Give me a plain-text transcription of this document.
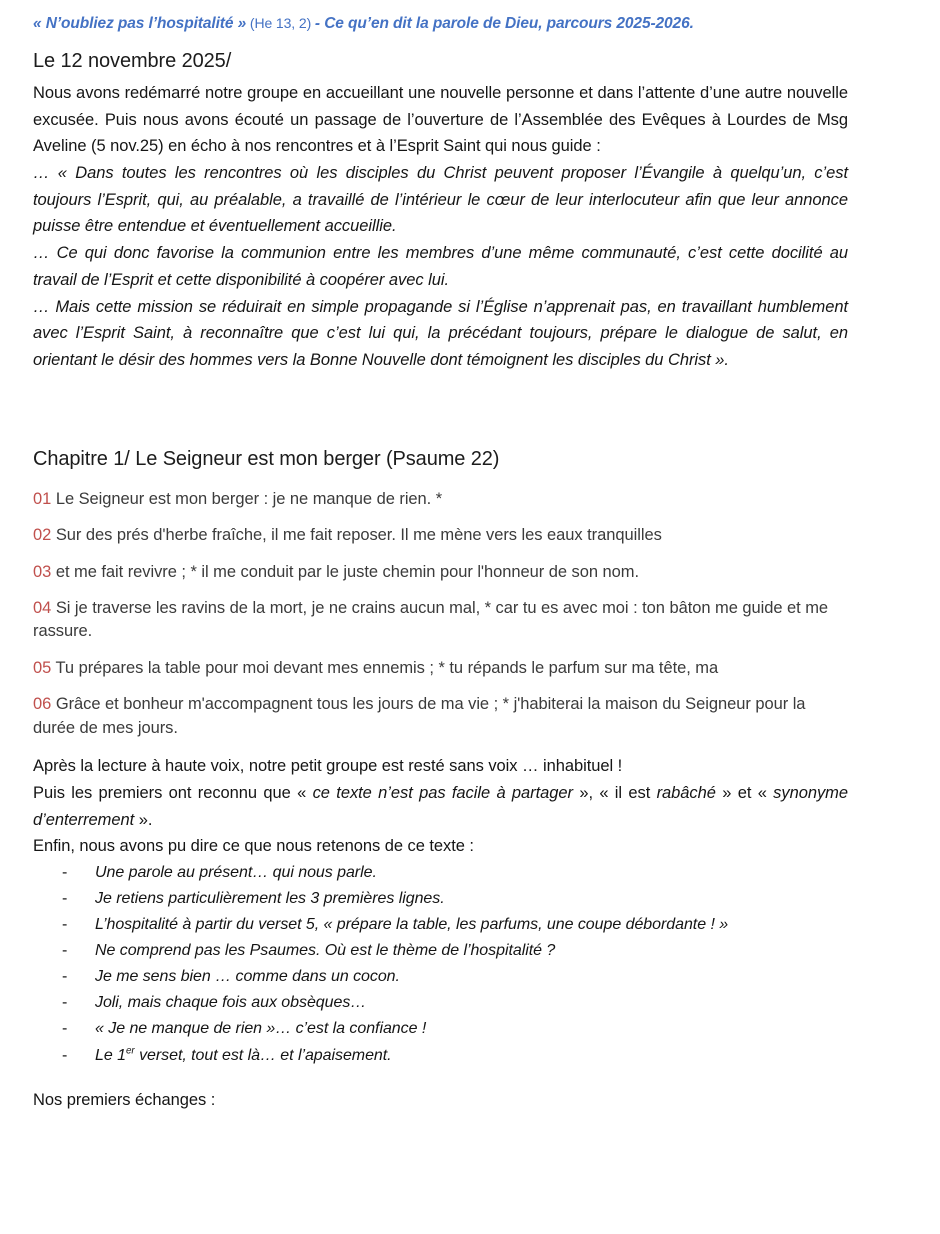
« N’oubliez pas l’hospitalité » (He 13, 2) - Ce qu’en dit la parole de Dieu, parcours 2025-2026.

Le 12 novembre 2025/

Nous avons redémarré notre groupe en accueillant une nouvelle personne et dans l’attente d’une autre nouvelle excusée. Puis nous avons écouté un passage de l’ouverture de l’Assemblée des Evêques à Lourdes de Msg Aveline (5 nov.25) en écho à nos rencontres et à l’Esprit Saint qui nous guide :

… « Dans toutes les rencontres où les disciples du Christ peuvent proposer l’Évangile à quelqu’un, c’est toujours l’Esprit, qui, au préalable, a travaillé de l’intérieur le cœur de leur interlocuteur afin que leur annonce puisse être entendue et éventuellement accueillie.

… Ce qui donc favorise la communion entre les membres d’une même communauté, c’est cette docilité au travail de l’Esprit et cette disponibilité à coopérer avec lui.

… Mais cette mission se réduirait en simple propagande si l’Église n’apprenait pas, en travaillant humblement avec l’Esprit Saint, à reconnaître que c’est lui qui, la précédant toujours, prépare le dialogue de salut, en orientant le désir des hommes vers la Bonne Nouvelle dont témoignent les disciples du Christ ».

Chapitre 1/ Le Seigneur est mon berger (Psaume 22)

01 Le Seigneur est mon berger : je ne manque de rien. *

02 Sur des prés d'herbe fraîche, il me fait reposer. Il me mène vers les eaux tranquilles

03 et me fait revivre ; * il me conduit par le juste chemin pour l'honneur de son nom.

04 Si je traverse les ravins de la mort, je ne crains aucun mal, * car tu es avec moi : ton bâton me guide et me rassure.

05 Tu prépares la table pour moi devant mes ennemis ; * tu répands le parfum sur ma tête, ma

06 Grâce et bonheur m'accompagnent tous les jours de ma vie ; * j'habiterai la maison du Seigneur pour la durée de mes jours.

Après la lecture à haute voix, notre petit groupe est resté sans voix … inhabituel !

Puis les premiers ont reconnu que « ce texte n’est pas facile à partager », « il est rabâché » et « synonyme d’enterrement ».

Enfin, nous avons pu dire ce que nous retenons de ce texte :

- Une parole au présent… qui nous parle.
- Je retiens particulièrement les 3 premières lignes.
- L’hospitalité à partir du verset 5, « prépare la table, les parfums, une coupe débordante ! »
- Ne comprend pas les Psaumes. Où est le thème de l’hospitalité ?
- Je me sens bien … comme dans un cocon.
- Joli, mais chaque fois aux obsèques…
- « Je ne manque de rien »… c’est la confiance !
- Le 1er verset, tout est là… et l’apaisement.

Nos premiers échanges :
